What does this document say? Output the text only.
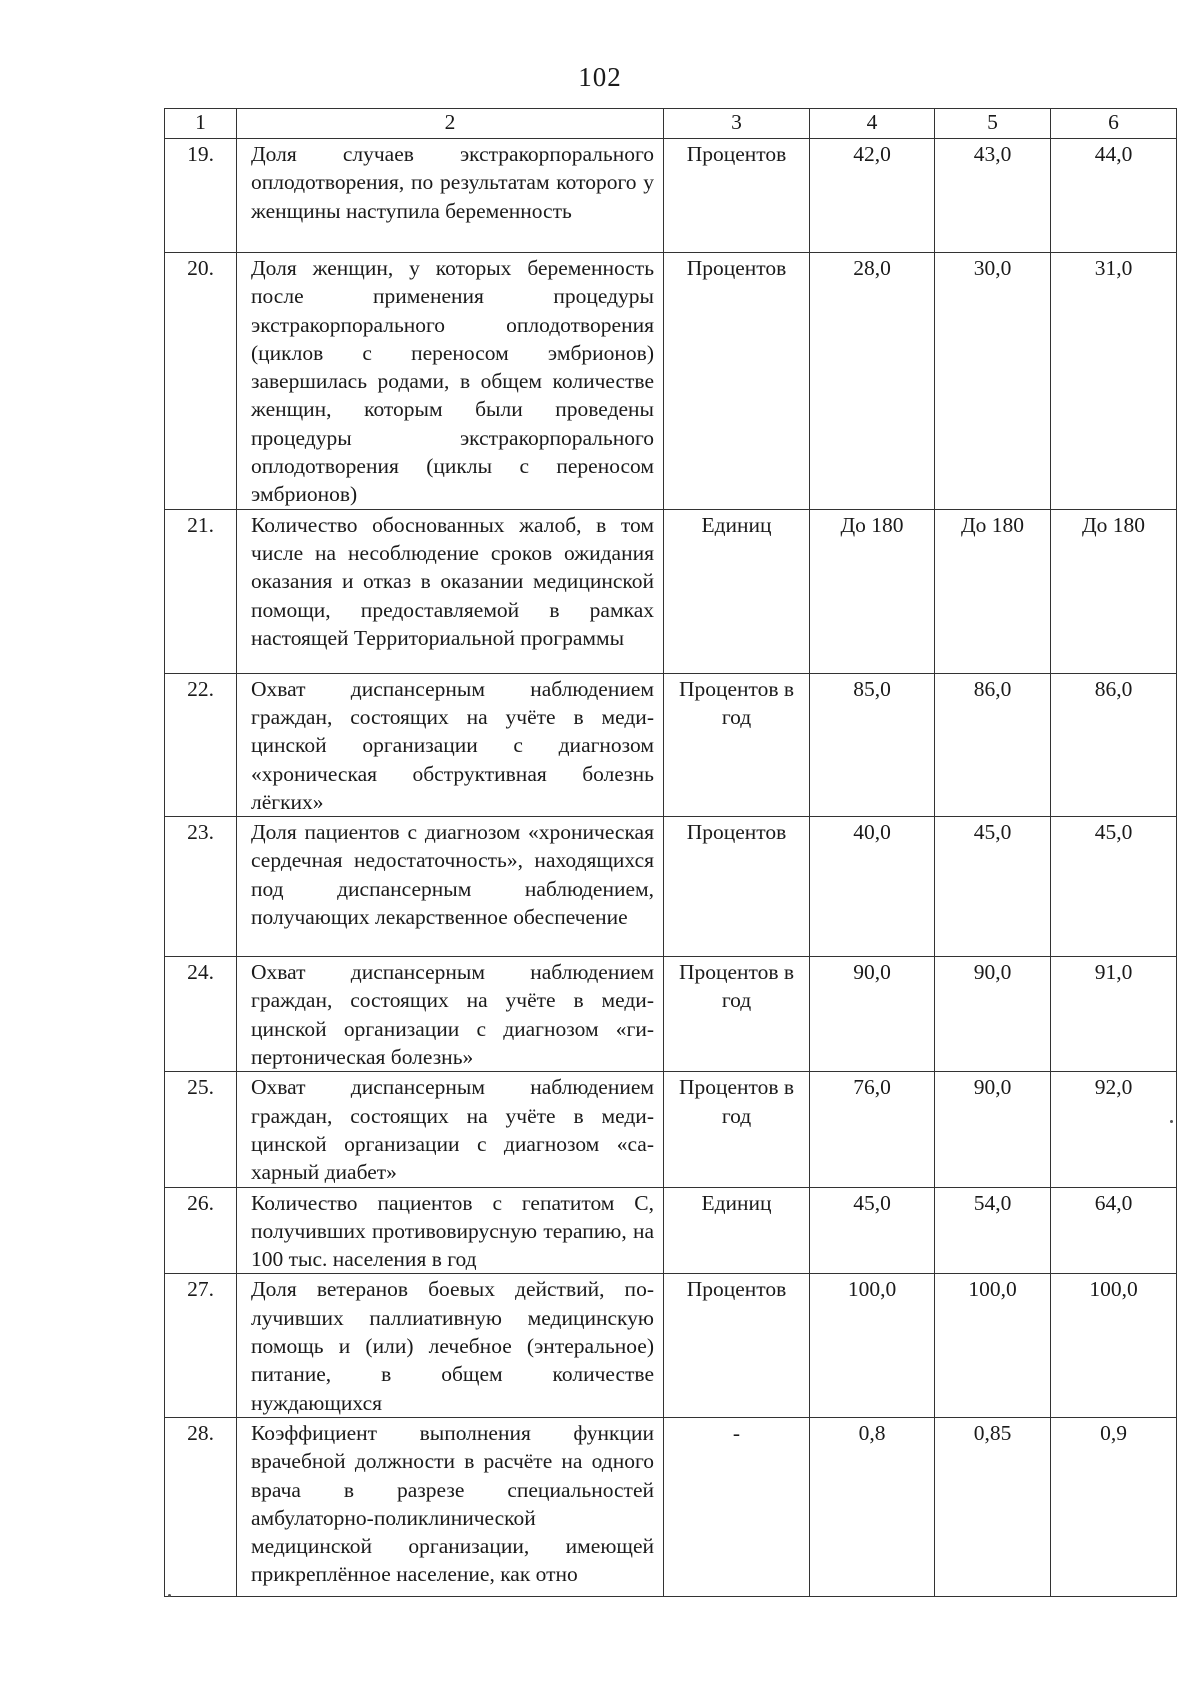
102
1	2	3	4	5	6
19.	Доля случаев экстракорпорального оплодотворения, по результатам которого у женщины наступила беременность	Процентов	42,0	43,0	44,0
20.	Доля женщин, у которых беременность после применения процедуры экстракорпорального оплодотворения (циклов с переносом эмбрионов) завершилась родами, в общем количестве женщин, которым были проведены процедуры экстракорпорального оплодотворения (циклы с переносом эмбрионов)	Процентов	28,0	30,0	31,0
21.	Количество обоснованных жалоб, в том числе на несоблюдение сроков ожидания оказания и отказ в оказании медицинской помощи, предоставляемой в рамках настоящей Территориальной программы	Единиц	До 180	До 180	До 180
22.	Охват диспансерным наблюдением граждан, состоящих на учёте в медицинской организации с диагнозом «хроническая обструктивная болезнь лёгких»	Процентов в год	85,0	86,0	86,0
23.	Доля пациентов с диагнозом «хроническая сердечная недостаточность», находящихся под диспансерным наблюдением, получающих лекарственное обеспечение	Процентов	40,0	45,0	45,0
24.	Охват диспансерным наблюдением граждан, состоящих на учёте в медицинской организации с диагнозом «гипертоническая болезнь»	Процентов в год	90,0	90,0	91,0
25.	Охват диспансерным наблюдением граждан, состоящих на учёте в медицинской организации с диагнозом «сахарный диабет»	Процентов в год	76,0	90,0	92,0
26.	Количество пациентов с гепатитом С, получивших противовирусную терапию, на 100 тыс. населения в год	Единиц	45,0	54,0	64,0
27.	Доля ветеранов боевых действий, получивших паллиативную медицинскую помощь и (или) лечебное (энтеральное) питание, в общем количестве нуждающихся	Процентов	100,0	100,0	100,0
28.	Коэффициент выполнения функции врачебной должности в расчёте на одного врача в разрезе специальностей амбулаторно-поликлинической медицинской организации, имеющей прикреплённое население, как отно	-	0,8	0,85	0,9
